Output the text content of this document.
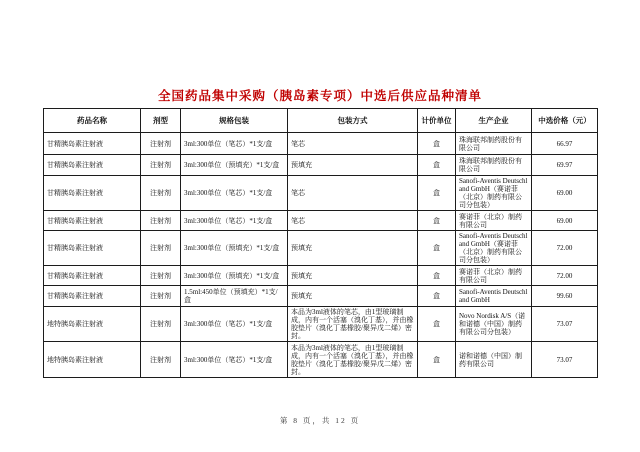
全国药品集中采购（胰岛素专项）中选后供应品种清单
药品名称	剂型	规格包装	包装方式	计价单位	生产企业	中选价格（元）
甘精胰岛素注射液	注射剂	3ml:300单位（笔芯）*1支/盒	笔芯	盒	珠海联邦制药股份有限公司	66.97
甘精胰岛素注射液	注射剂	3ml:300单位（预填充）*1支/盒	预填充	盒	珠海联邦制药股份有限公司	69.97
甘精胰岛素注射液	注射剂	3ml:300单位（笔芯）*1支/盒	笔芯	盒	Sanofi-Aventis Deutschland GmbH（赛诺菲（北京）制药有限公司分包装）	69.00
甘精胰岛素注射液	注射剂	3ml:300单位（笔芯）*1支/盒	笔芯	盒	赛诺菲（北京）制药有限公司	69.00
甘精胰岛素注射液	注射剂	3ml:300单位（预填充）*1支/盒	预填充	盒	Sanofi-Aventis Deutschland GmbH（赛诺菲（北京）制药有限公司分包装）	72.00
甘精胰岛素注射液	注射剂	3ml:300单位（预填充）*1支/盒	预填充	盒	赛诺菲（北京）制药有限公司	72.00
甘精胰岛素注射液	注射剂	1.5ml:450单位（预填充）*1支/盒	预填充	盒	Sanofi-Aventis Deutschland GmbH	99.60
地特胰岛素注射液	注射剂	3ml:300单位（笔芯）*1支/盒	本品为3ml液体的笔芯，由1型玻璃制成，内有一个活塞（溴化丁基），并由橡胶垫片（溴化丁基橡胶/聚异戊二烯）密封。	盒	Novo Nordisk A/S（诺和诺德（中国）制药有限公司分包装）	73.07
地特胰岛素注射液	注射剂	3ml:300单位（笔芯）*1支/盒	本品为3ml液体的笔芯，由1型玻璃制成，内有一个活塞（溴化丁基），并由橡胶垫片（溴化丁基橡胶/聚异戊二烯）密封。	盒	诺和诺德（中国）制药有限公司	73.07
第 8 页，共 12 页
